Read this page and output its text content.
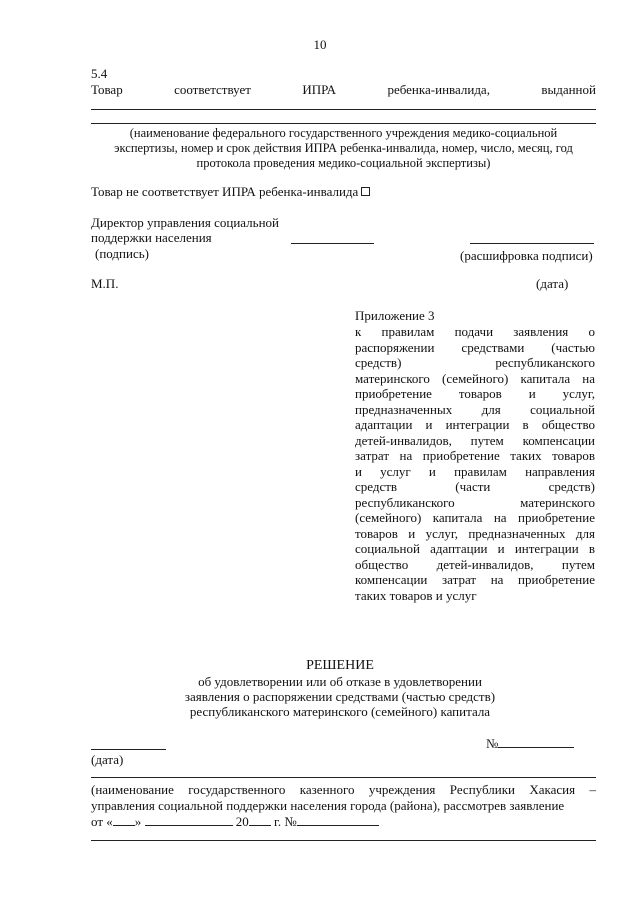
10
5.4
Товар	соответствует	ИПРА	ребенка-инвалида,	выданной
(наименование федерального государственного учреждения медико-социальной
экспертизы, номер и срок действия ИПРА ребенка-инвалида, номер, число, месяц, год
протокола проведения медико-социальной экспертизы)
Товар не соответствует ИПРА ребенка-инвалида
Директор управления социальной
поддержки населения
(подпись)	(расшифровка подписи)
М.П.	(дата)
Приложение 3
к правилам подачи заявления о
распоряжении средствами (частью
средств) республиканского
материнского (семейного) капитала на
приобретение товаров и услуг,
предназначенных для социальной
адаптации и интеграции в общество
детей-инвалидов, путем компенсации
затрат на приобретение таких товаров
и услуг и правилам направления
средств (части средств)
республиканского материнского
(семейного) капитала на приобретение
товаров и услуг, предназначенных для
социальной адаптации и интеграции в
общество детей-инвалидов, путем
компенсации затрат на приобретение
таких товаров и услуг
РЕШЕНИЕ
об удовлетворении или об отказе в удовлетворении
заявления о распоряжении средствами (частью средств)
республиканского материнского (семейного) капитала
№
(дата)
(наименование государственного казенного учреждения Республики Хакасия –
управления социальной поддержки населения города (района), рассмотрев заявление
от « »	20 г. №
